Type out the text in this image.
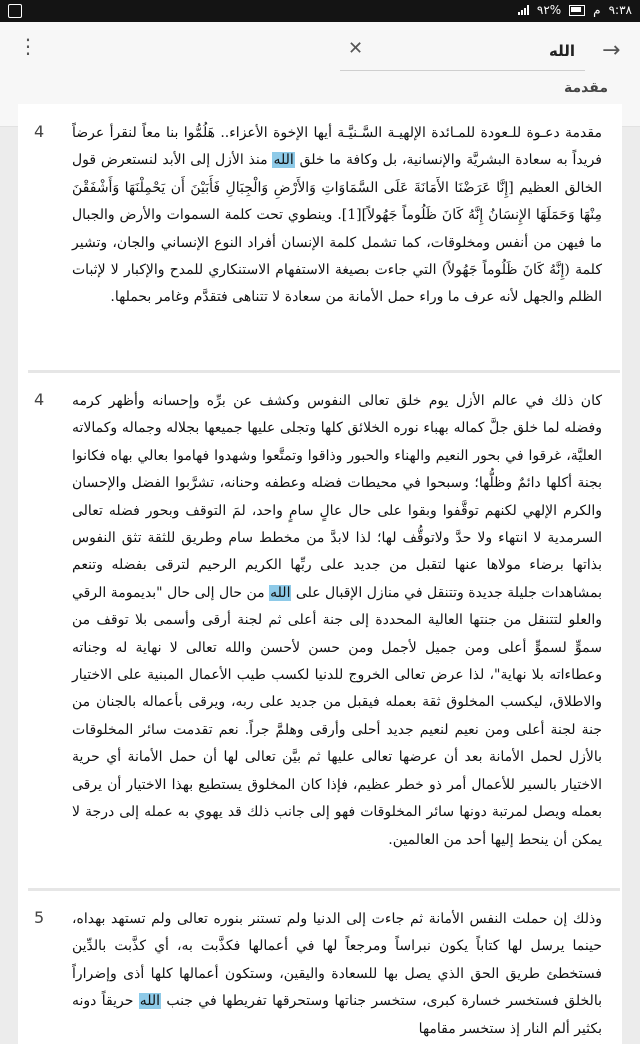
٩٢%	م ٩:٣٨
⋮	✕
الله	→
مقدمة
4 مقدمة دعـوة للـعودة للمـائدة الإلهيـة السَّـنيَّـة أيها الإخوة الأعزاء.. هَلُمُّوا بنا معاً لنقرأ عرضاً فريداً به سعادة البشريَّة والإنسانية، بل وكافة ما خلق الله منذ الأزل إلى الأبد لنستعرض قول الخالق العظيم [إِنَّا عَرَضْنَا الأَمَانَةَ عَلَى السَّمَاوَاتِ وَالأَرْضِ وَالْجِبَالِ فَأَبَيْنَ أَن يَحْمِلْنَهَا وَأَشْفَقْنَ مِنْهَا وَحَمَلَهَا الإِنسَانُ إِنَّهُ كَانَ ظَلُوماً جَهُولاً][1]. وينطوي تحت كلمة السموات والأرض والجبال ما فيهن من أنفس ومخلوقات، كما تشمل كلمة الإنسان أفراد النوع الإنساني والجان، وتشير كلمة (إِنَّهُ كَانَ ظَلُوماً جَهُولاً) التي جاءت بصيغة الاستفهام الاستنكاري للمدح والإكبار لا لإثبات الظلم والجهل لأنه عرف ما وراء حمل الأمانة من سعادة لا تتناهى فتقدَّم وغامر بحملها.

4 كان ذلك في عالم الأزل يوم خلق تعالى النفوس وكشف عن برِّه وإحسانه وأظهر كرمه وفضله لما خلق جلَّ كماله بهباء نوره الخلائق كلها وتجلى عليها جميعها بجلاله وجماله وكمالاته العليَّة، غرقوا في بحور النعيم والهناء والحبور وذاقوا وتمتَّعوا وشهدوا فهاموا بعالي بهاه فكانوا بجنة أكلها دائمٌ وظلُّها؛ وسبحوا في محيطات فضله وعطفه وحنانه، تشرَّبوا الفضل والإحسان والكرم الإلهي لكنهم توقَّفوا وبقوا على حال عالٍ سامٍ واحد، لمَ التوقف وبحور فضله تعالى السرمدية لا انتهاء ولا حدَّ ولاتوقُّف لها؛ لذا لابدَّ من مخطط سام وطريق للثقة تثق النفوس بذاتها برضاء مولاها عنها لتقبل من جديد على ربِّها الكريم الرحيم لترقى بفضله وتنعم بمشاهدات جليلة جديدة وتتنقل في منازل الإقبال على الله من حال إلى حال "بديمومة الرقي والعلو لتتنقل من جنتها العالية المحددة إلى جنة أعلى ثم لجنة أرقى وأسمى بلا توقف من سموٍّ لسموٍّ أعلى ومن جميل لأجمل ومن حسن لأحسن والله تعالى لا نهاية له وجناته وعطاءاته بلا نهاية"، لذا عرض تعالى الخروج للدنيا لكسب طيب الأعمال المبنية على الاختيار والاطلاق، ليكسب المخلوق ثقة بعمله فيقبل من جديد على ربه، ويرقى بأعماله بالجنان من جنة لجنة أعلى ومن نعيم لنعيم جديد أحلى وأرقى وهلمَّ جراً. نعم تقدمت سائر المخلوقات بالأزل لحمل الأمانة بعد أن عرضها تعالى عليها ثم بيَّن تعالى لها أن حمل الأمانة أي حرية الاختيار بالسير للأعمال أمر ذو خطر عظيم، فإذا كان المخلوق يستطيع بهذا الاختيار أن يرقى بعمله ويصل لمرتبة دونها سائر المخلوقات فهو إلى جانب ذلك قد يهوي به عمله إلى درجة لا يمكن أن ينحط إليها أحد من العالمين.

5 وذلك إن حملت النفس الأمانة ثم جاءت إلى الدنيا ولم تستنر بنوره تعالى ولم تستهد بهداه، حينما يرسل لها كتاباً يكون نبراساً ومرجعاً لها في أعمالها فكذَّبت به، أي كذَّبت بالدِّين فستخطئ طريق الحق الذي يصل بها للسعادة واليقين، وستكون أعمالها كلها أذى وإضراراً بالخلق فستخسر خسارة كبرى، ستخسر جناتها وستحرقها تفريطها في جنب الله حريقاً دونه بكثير ألم النار إذ ستخسر مقامها
